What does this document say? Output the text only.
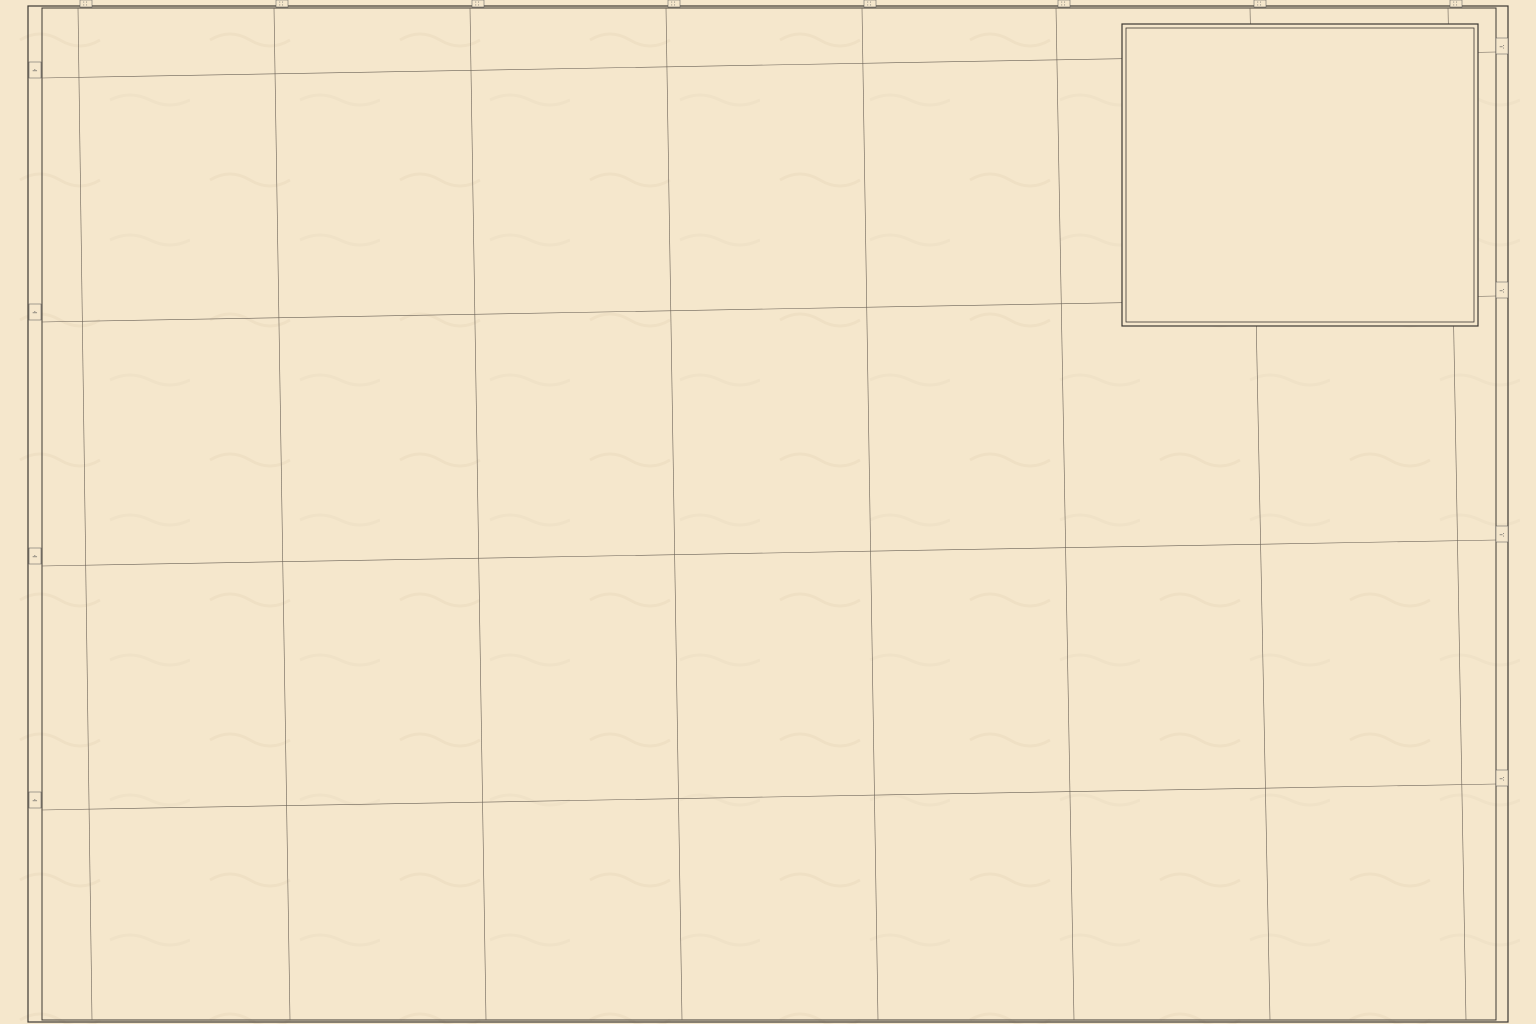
∷	∷	∷	∷	∷	∷	∷	∷
∸
∸
∸
∸
∹
∹
∹
∹
